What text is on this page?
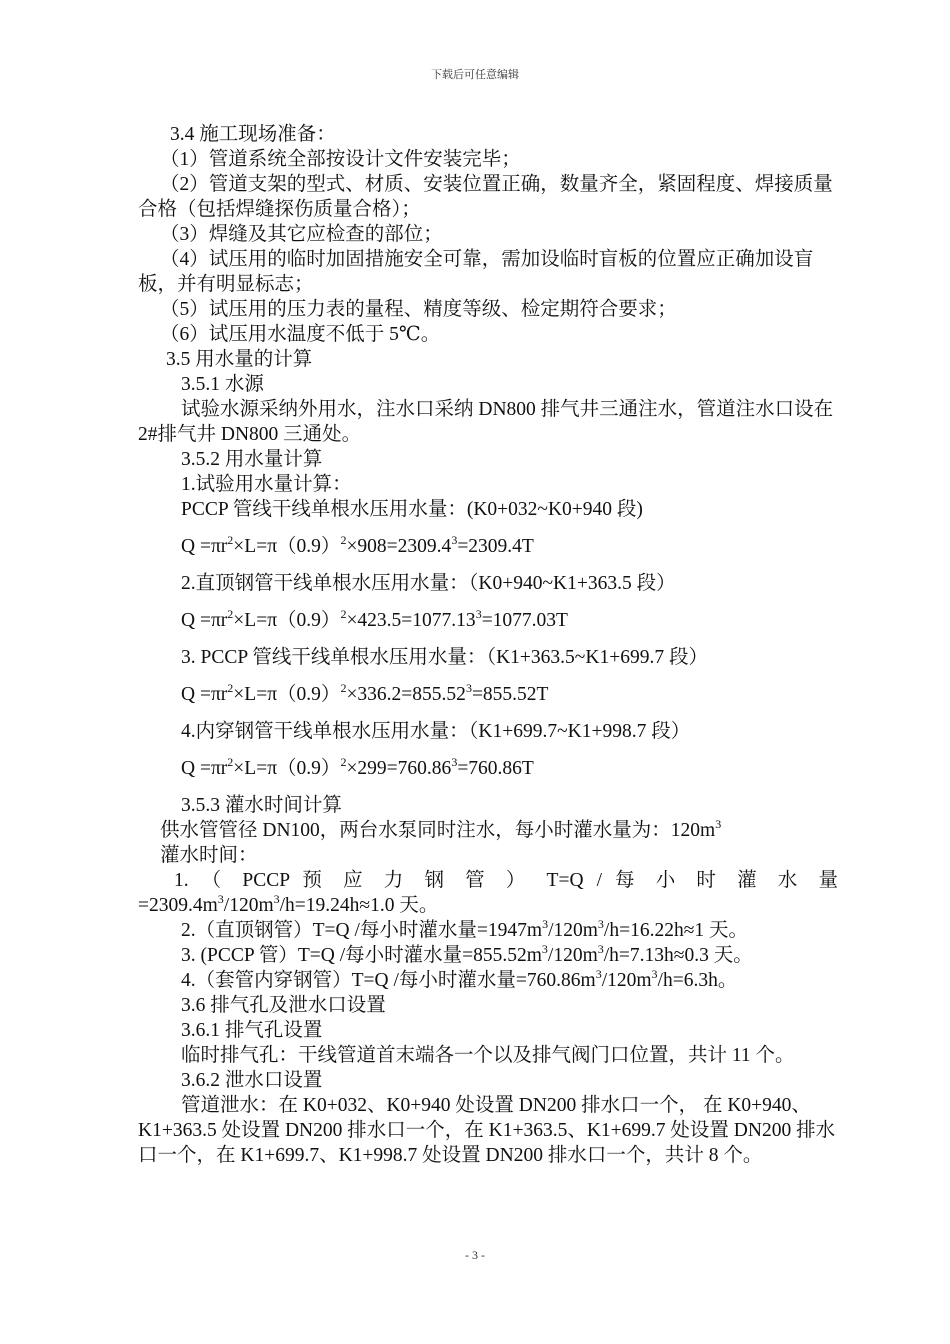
下载后可任意编辑

3.4 施工现场准备：

（1）管道系统全部按设计文件安装完毕；

（2）管道支架的型式、材质、安装位置正确，数量齐全，紧固程度、焊接质量合格（包括焊缝探伤质量合格）；

（3）焊缝及其它应检查的部位；

（4）试压用的临时加固措施安全可靠，需加设临时盲板的位置应正确加设盲板，并有明显标志；

（5）试压用的压力表的量程、精度等级、检定期符合要求；

（6）试压用水温度不低于 5℃。

3.5 用水量的计算

3.5.1 水源

试验水源采纳外用水，注水口采纳 DN800 排气井三通注水，管道注水口设在 2#排气井 DN800 三通处。

3.5.2 用水量计算

1.试验用水量计算：

PCCP 管线干线单根水压用水量：(K0+032~K0+940 段)

$Q =\pi r^2\times L=\pi(0.9)^2\times 908=2309.4^3=2309.4T$

2.直顶钢管干线单根水压用水量：（K0+940~K1+363.5 段）

$Q =\pi r^2\times L=\pi(0.9)^2\times 423.5=1077.13^3=1077.03T$

3. PCCP 管线干线单根水压用水量：（K1+363.5~K1+699.7 段）

$Q =\pi r^2\times L=\pi(0.9)^2\times 336.2=855.52^3=855.52T$

4.内穿钢管干线单根水压用水量：（K1+699.7~K1+998.7 段）

$Q =\pi r^2\times L=\pi(0.9)^2\times 299=760.86^3=760.86T$

3.5.3 灌水时间计算

供水管管径 DN100，两台水泵同时注水，每小时灌水量为：$120m^3$

灌水时间：

1. （ PCCP 预 应 力 钢 管 ） T=Q / 每 小 时 灌 水 量

$=2309.4m^3/120m^3/h=19.24h\approx 1.0$ 天。

2.（直顶钢管）T=Q /每小时灌水量$=1947m^3/120m^3/h=16.22h\approx 1$ 天。

3. (PCCP 管）T=Q /每小时灌水量$=855.52m^3/120m^3/h=7.13h\approx 0.3$ 天。

4.（套管内穿钢管）T=Q /每小时灌水量$=760.86m^3/120m^3/h=6.3h$。

3.6 排气孔及泄水口设置

3.6.1 排气孔设置

临时排气孔：干线管道首末端各一个以及排气阀门口位置，共计 11 个。

3.6.2 泄水口设置

管道泄水：在 K0+032、K0+940 处设置 DN200 排水口一个， 在 K0+940、K1+363.5 处设置 DN200 排水口一个，在 K1+363.5、K1+699.7 处设置 DN200 排水口一个，在 K1+699.7、K1+998.7 处设置 DN200 排水口一个，共计 8 个。

- 3 -
